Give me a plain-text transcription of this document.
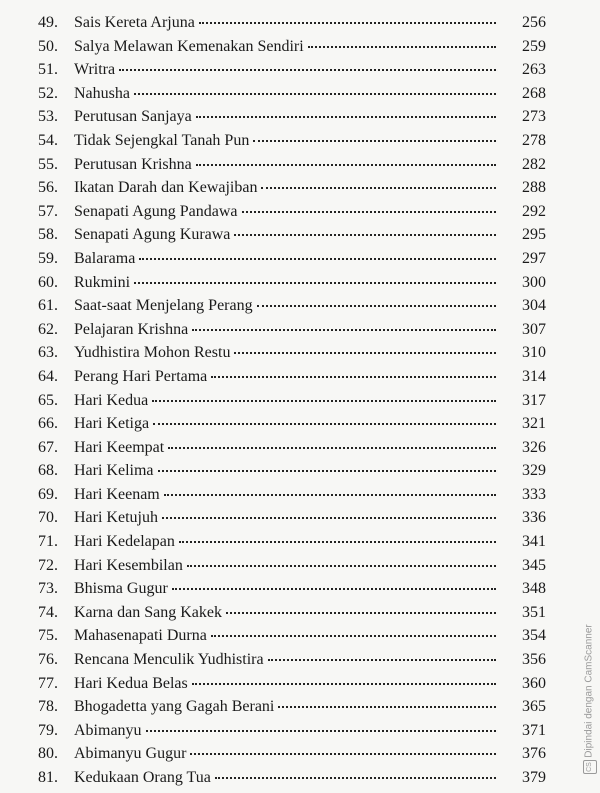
49.	Sais Kereta Arjuna	256
50.	Salya Melawan Kemenakan Sendiri	259
51.	Writra	263
52.	Nahusha	268
53.	Perutusan Sanjaya	273
54.	Tidak Sejengkal Tanah Pun	278
55.	Perutusan Krishna	282
56.	Ikatan Darah dan Kewajiban	288
57.	Senapati Agung Pandawa	292
58.	Senapati Agung Kurawa	295
59.	Balarama	297
60.	Rukmini	300
61.	Saat-saat Menjelang Perang	304
62.	Pelajaran Krishna	307
63.	Yudhistira Mohon Restu	310
64.	Perang Hari Pertama	314
65.	Hari Kedua	317
66.	Hari Ketiga	321
67.	Hari Keempat	326
68.	Hari Kelima	329
69.	Hari Keenam	333
70.	Hari Ketujuh	336
71.	Hari Kedelapan	341
72.	Hari Kesembilan	345
73.	Bhisma Gugur	348
74.	Karna dan Sang Kakek	351
75.	Mahasenapati Durna	354
76.	Rencana Menculik Yudhistira	356
77.	Hari Kedua Belas	360
78.	Bhogadetta yang Gagah Berani	365
79.	Abimanyu	371
80.	Abimanyu Gugur	376
81.	Kedukaan Orang Tua	379
Dipindai dengan CamScanner
CS
